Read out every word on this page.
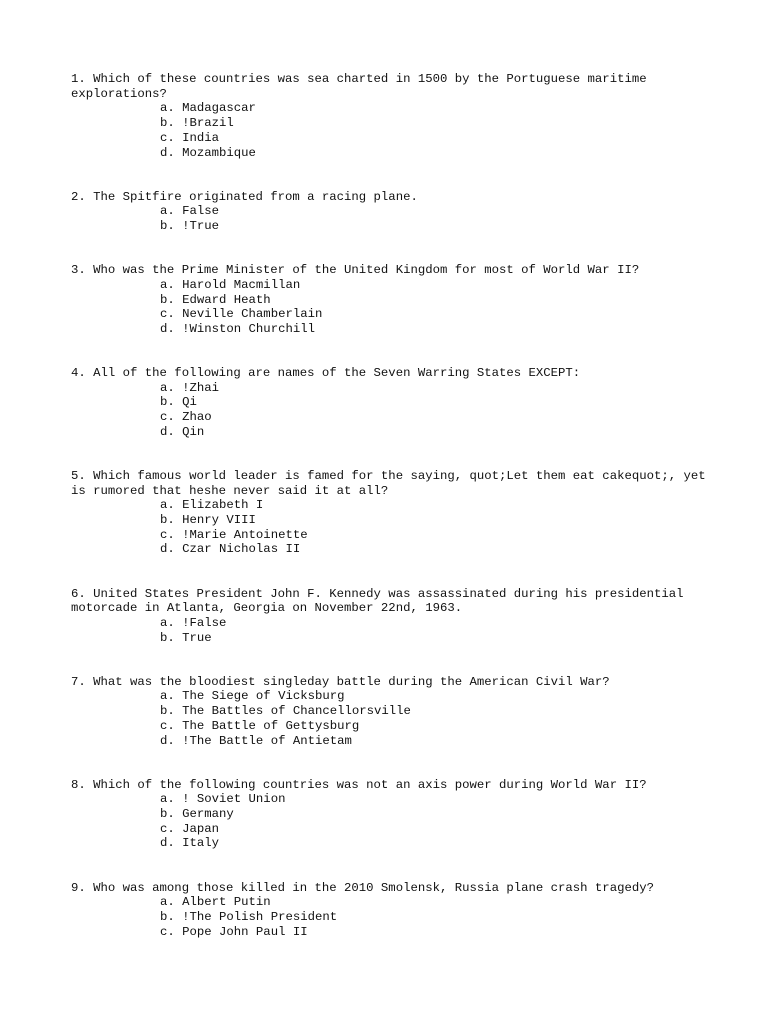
1. Which of these countries was sea charted in 1500 by the Portuguese maritime explorations?
a. Madagascar
b. !Brazil
c. India
d. Mozambique
2. The Spitfire originated from a racing plane.
a. False
b. !True
3. Who was the Prime Minister of the United Kingdom for most of World War II?
a. Harold Macmillan
b. Edward Heath
c. Neville Chamberlain
d. !Winston Churchill
4. All of the following are names of the Seven Warring States EXCEPT:
a. !Zhai
b. Qi
c. Zhao
d. Qin
5. Which famous world leader is famed for the saying, quot;Let them eat cakequot;, yet is rumored that heshe never said it at all?
a. Elizabeth I
b. Henry VIII
c. !Marie Antoinette
d. Czar Nicholas II
6. United States President John F. Kennedy was assassinated during his presidential motorcade in Atlanta, Georgia on November 22nd, 1963.
a. !False
b. True
7. What was the bloodiest singleday battle during the American Civil War?
a. The Siege of Vicksburg
b. The Battles of Chancellorsville
c. The Battle of Gettysburg
d. !The Battle of Antietam
8. Which of the following countries was not an axis power during World War II?
a. ! Soviet Union
b. Germany
c. Japan
d. Italy
9. Who was among those killed in the 2010 Smolensk, Russia plane crash tragedy?
a. Albert Putin
b. !The Polish President
c. Pope John Paul II
